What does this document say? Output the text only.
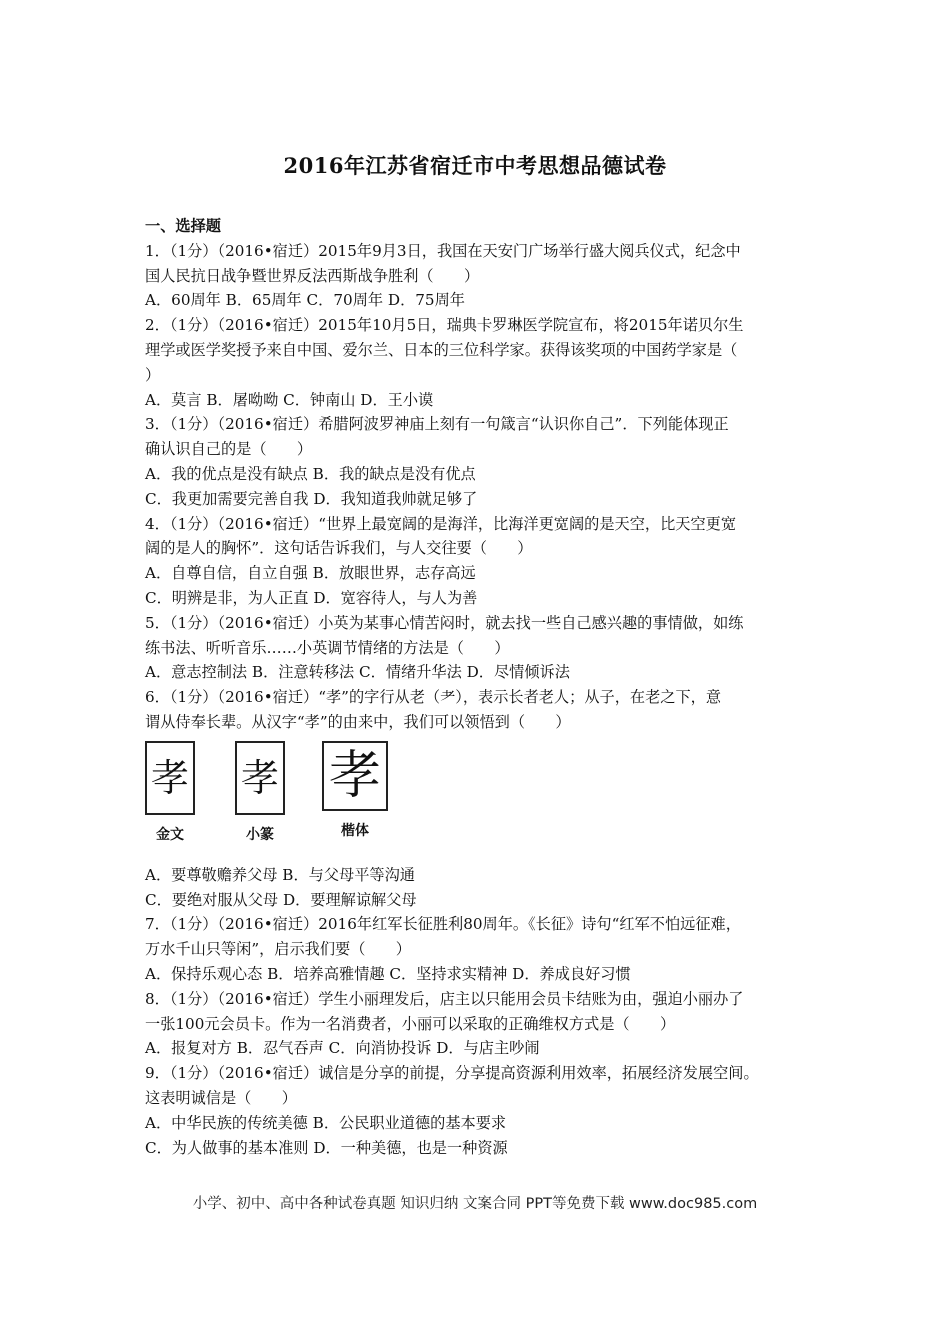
2016年江苏省宿迁市中考思想品德试卷

一、选择题

1．（1分）（2016•宿迁）2015年9月3日，我国在天安门广场举行盛大阅兵仪式，纪念中

国人民抗日战争暨世界反法西斯战争胜利（　　）

A．60周年 B．65周年 C．70周年 D．75周年

2．（1分）（2016•宿迁）2015年10月5日，瑞典卡罗琳医学院宣布，将2015年诺贝尔生

理学或医学奖授予来自中国、爱尔兰、日本的三位科学家。获得该奖项的中国药学家是（

）

A．莫言 B．屠呦呦 C．钟南山 D．王小谟

3．（1分）（2016•宿迁）希腊阿波罗神庙上刻有一句箴言“认识你自己”．下列能体现正

确认识自己的是（　　）

A．我的优点是没有缺点 B．我的缺点是没有优点

C．我更加需要完善自我 D．我知道我帅就足够了

4．（1分）（2016•宿迁）“世界上最宽阔的是海洋，比海洋更宽阔的是天空，比天空更宽

阔的是人的胸怀”．这句话告诉我们，与人交往要（　　）

A．自尊自信，自立自强 B．放眼世界，志存高远

C．明辨是非，为人正直 D．宽容待人，与人为善

5．（1分）（2016•宿迁）小英为某事心情苦闷时，就去找一些自己感兴趣的事情做，如练

练书法、听听音乐……小英调节情绪的方法是（　　）

A．意志控制法 B．注意转移法 C．情绪升华法 D．尽情倾诉法

6．（1分）（2016•宿迁）“孝”的字行从老（耂），表示长者老人；从子，在老之下，意

谓从侍奉长辈。从汉字“孝”的由来中，我们可以领悟到（　　）

孝
金文
孝
小篆
孝
楷体

A．要尊敬赡养父母 B．与父母平等沟通

C．要绝对服从父母 D．要理解谅解父母

7．（1分）（2016•宿迁）2016年红军长征胜利80周年。《长征》诗句“红军不怕远征难，

万水千山只等闲”，启示我们要（　　）

A．保持乐观心态 B．培养高雅情趣 C．坚持求实精神 D．养成良好习惯

8．（1分）（2016•宿迁）学生小丽理发后，店主以只能用会员卡结账为由，强迫小丽办了

一张100元会员卡。作为一名消费者，小丽可以采取的正确维权方式是（　　）

A．报复对方 B．忍气吞声 C．向消协投诉 D．与店主吵闹

9．（1分）（2016•宿迁）诚信是分享的前提，分享提高资源利用效率，拓展经济发展空间。

这表明诚信是（　　）

A．中华民族的传统美德 B．公民职业道德的基本要求

C．为人做事的基本准则 D．一种美德，也是一种资源

小学、初中、高中各种试卷真题 知识归纳 文案合同 PPT等免费下载 www.doc985.com
